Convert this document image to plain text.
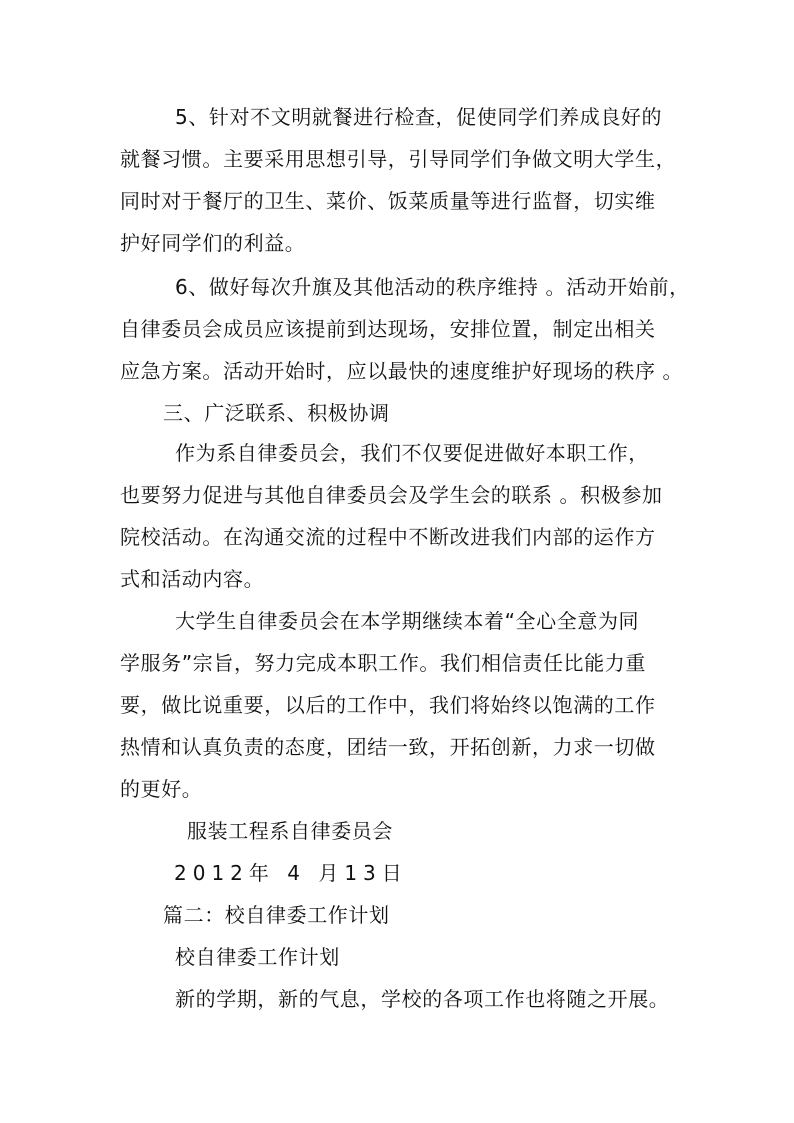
5、针对不文明就餐进行检查，促使同学们养成良好的
就餐习惯。主要采用思想引导，引导同学们争做文明大学生，
同时对于餐厅的卫生、菜价、饭菜质量等进行监督，切实维
护好同学们的利益。
6、做好每次升旗及其他活动的秩序维持 。活动开始前，
自律委员会成员应该提前到达现场，安排位置，制定出相关
应急方案。活动开始时，应以最快的速度维护好现场的秩序 。
三、广泛联系、积极协调
作为系自律委员会，我们不仅要促进做好本职工作，
也要努力促进与其他自律委员会及学生会的联系 。积极参加
院校活动。在沟通交流的过程中不断改进我们内部的运作方
式和活动内容。
大学生自律委员会在本学期继续本着“全心全意为同
学服务”宗旨，努力完成本职工作。我们相信责任比能力重
要，做比说重要，以后的工作中，我们将始终以饱满的工作
热情和认真负责的态度，团结一致，开拓创新，力求一切做
的更好。
服装工程系自律委员会
2012年 4 月13日
篇二：校自律委工作计划
校自律委工作计划
新的学期，新的气息，学校的各项工作也将随之开展。
